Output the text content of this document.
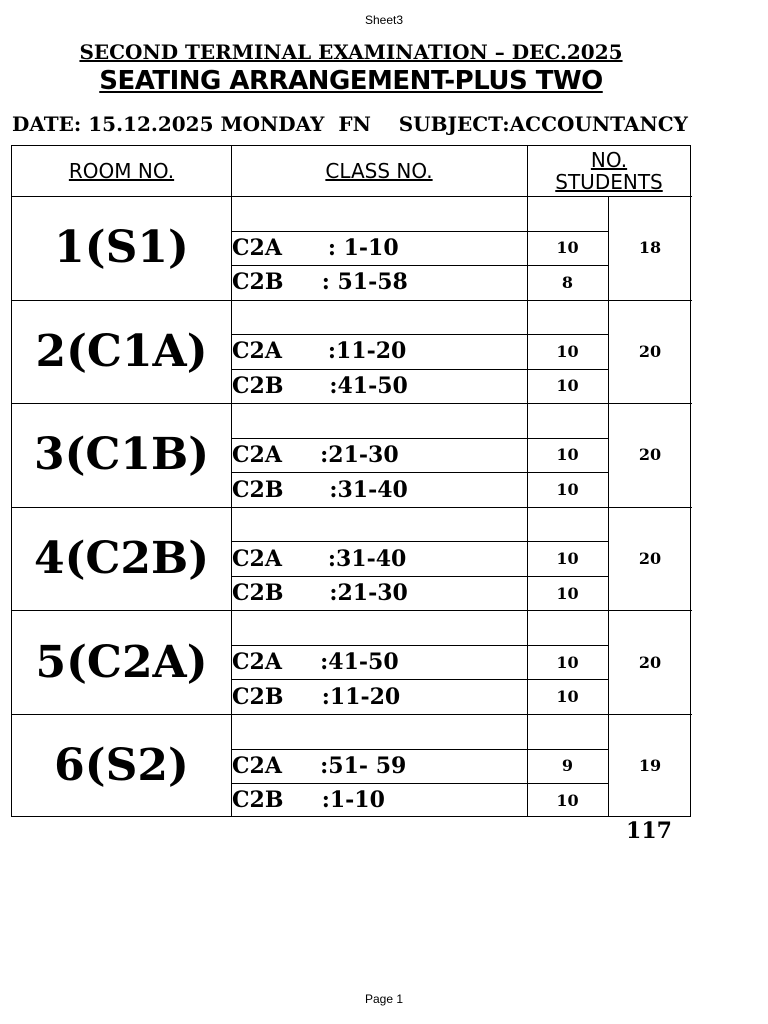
Sheet3
SECOND TERMINAL EXAMINATION – DEC.2025
SEATING ARRANGEMENT-PLUS TWO
DATE: 15.12.2025 MONDAY  FN    SUBJECT:ACCOUNTANCY
ROOM NO.	CLASS NO.	NO.
STUDENTS
1(S1)	18
C2A      : 1-10	10
C2B     : 51-58	8
2(C1A)	20
C2A      :11-20	10
C2B      :41-50	10
3(C1B)	20
C2A     :21-30	10
C2B      :31-40	10
4(C2B)	20
C2A      :31-40	10
C2B      :21-30	10
5(C2A)	20
C2A     :41-50	10
C2B     :11-20	10
6(S2)	19
C2A     :51- 59	9
C2B     :1-10	10
117
Page 1
